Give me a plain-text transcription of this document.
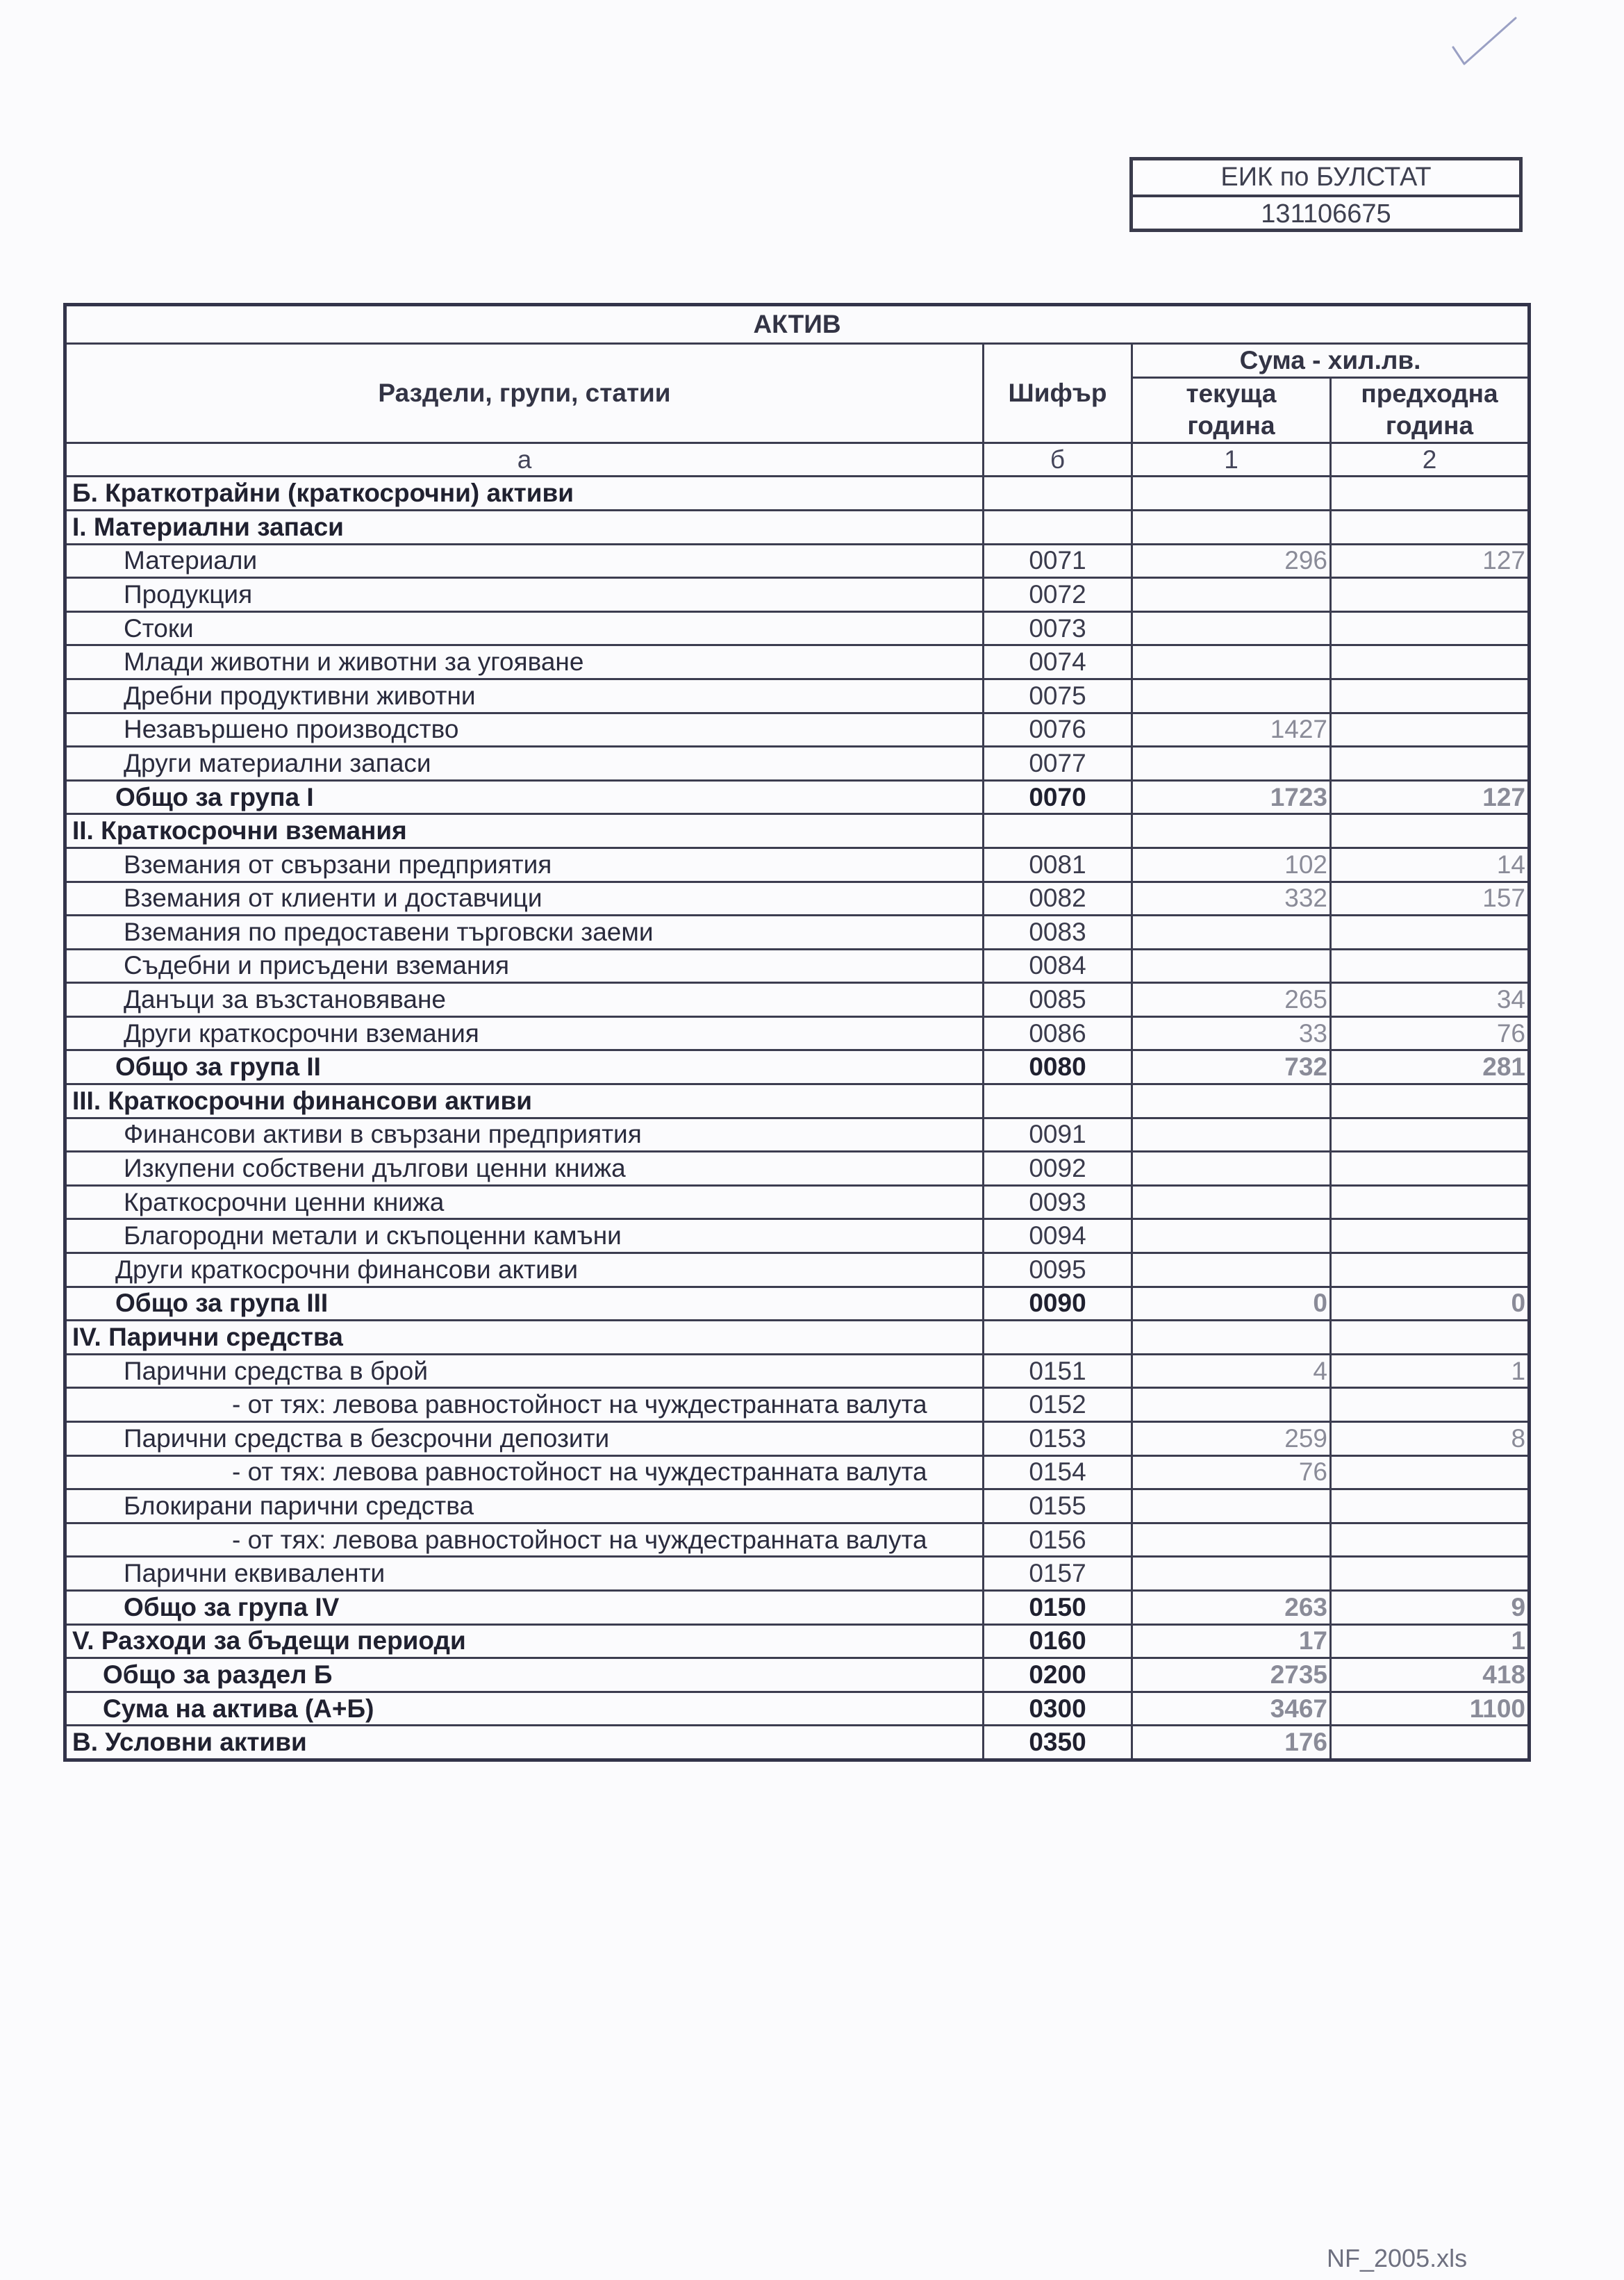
ЕИК по БУЛСТАТ
131106675
АКТИВ			
Раздели, групи, статии	Шифър	Сума - хил.лв.	
		текуща	предходна
		година	година
а	б	1	2
Б. Краткотрайни (краткосрочни) активи			
I. Материални запаси			
Материали	0071	296	127
Продукция	0072		
Стоки	0073		
Млади животни и животни за угояване	0074		
Дребни продуктивни животни	0075		
Незавършено производство	0076	1427	
Други материални запаси	0077		
Общо за група I	0070	1723	127
II. Краткосрочни вземания			
Вземания от свързани предприятия	0081	102	14
Вземания от клиенти и доставчици	0082	332	157
Вземания по предоставени търговски заеми	0083		
Съдебни и присъдени вземания	0084		
Данъци за възстановяване	0085	265	34
Други краткосрочни вземания	0086	33	76
Общо за група II	0080	732	281
III. Краткосрочни финансови активи			
Финансови активи в свързани предприятия	0091		
Изкупени собствени дългови ценни книжа	0092		
Краткосрочни ценни книжа	0093		
Благородни метали и скъпоценни камъни	0094		
Други краткосрочни финансови активи	0095		
Общо за група III	0090	0	0
IV. Парични средства			
Парични средства в брой	0151	4	1
- от тях: левова равностойност на чуждестранната валута	0152		
Парични средства в безсрочни депозити	0153	259	8
- от тях: левова равностойност на чуждестранната валута	0154	76	
Блокирани парични средства	0155		
- от тях: левова равностойност на чуждестранната валута	0156		
Парични еквиваленти	0157		
Общо за група IV	0150	263	9
V. Разходи за бъдещи периоди	0160	17	1
Общо за раздел Б	0200	2735	418
Сума на актива (А+Б)	0300	3467	1100
В. Условни активи	0350	176	
NF_2005.xls
